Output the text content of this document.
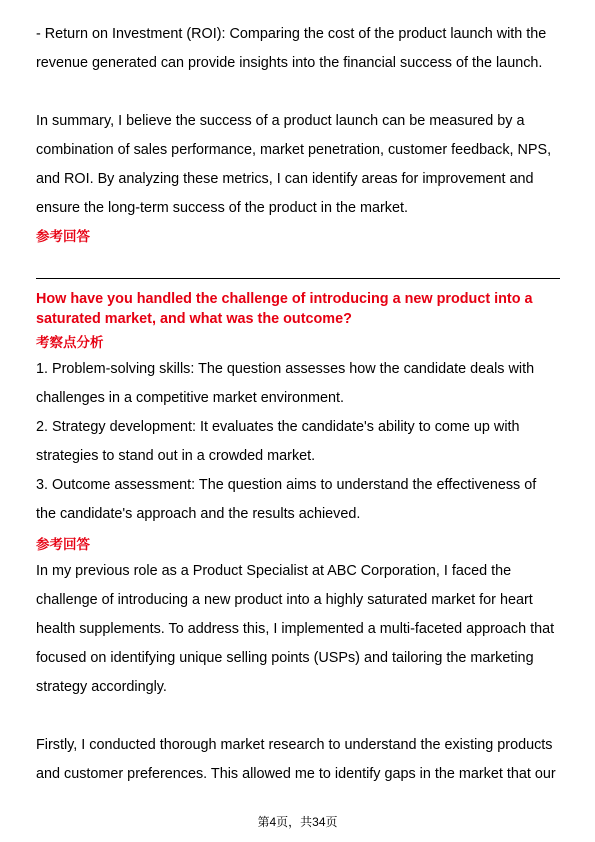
- Return on Investment (ROI): Comparing the cost of the product launch with the revenue generated can provide insights into the financial success of the launch.

In summary, I believe the success of a product launch can be measured by a combination of sales performance, market penetration, customer feedback, NPS, and ROI. By analyzing these metrics, I can identify areas for improvement and ensure the long-term success of the product in the market.

参考回答

How have you handled the challenge of introducing a new product into a saturated market, and what was the outcome?

考察点分析

1. Problem-solving skills: The question assesses how the candidate deals with challenges in a competitive market environment.

2. Strategy development: It evaluates the candidate's ability to come up with strategies to stand out in a crowded market.

3. Outcome assessment: The question aims to understand the effectiveness of the candidate's approach and the results achieved.

参考回答

In my previous role as a Product Specialist at ABC Corporation, I faced the challenge of introducing a new product into a highly saturated market for heart health supplements. To address this, I implemented a multi-faceted approach that focused on identifying unique selling points (USPs) and tailoring the marketing strategy accordingly.

Firstly, I conducted thorough market research to understand the existing products and customer preferences. This allowed me to identify gaps in the market that our

第4页，共34页
